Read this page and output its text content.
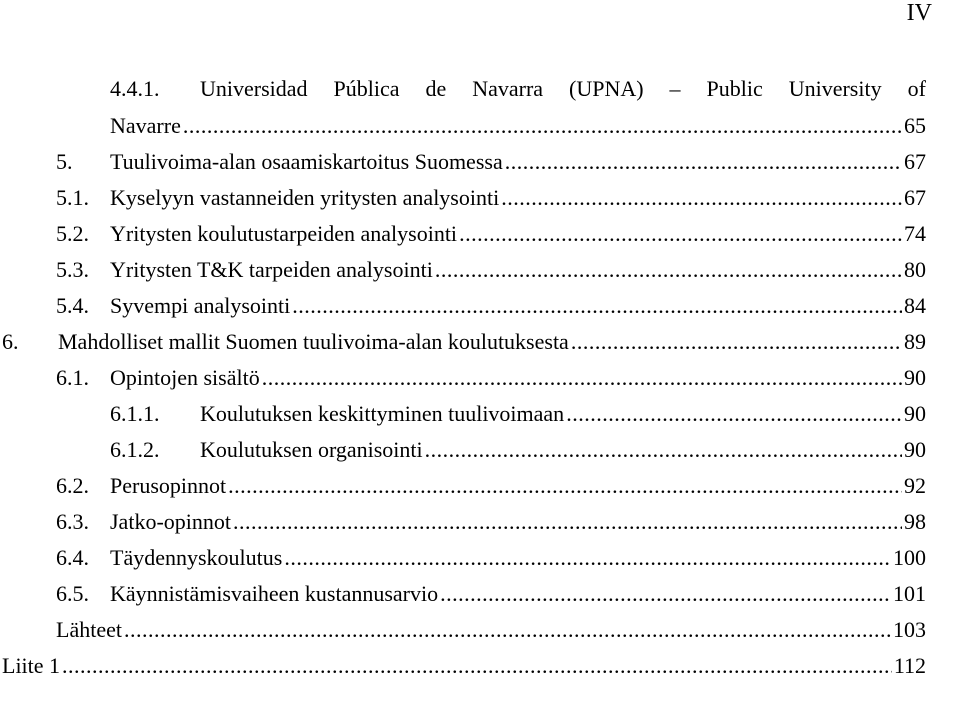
IV
4.4.1.	Universidad Pública de Navarra (UPNA) – Public University of
Navarre .....	65
5.	Tuulivoima-alan osaamiskartoitus Suomessa .....	67
5.1. Kyselyyn vastanneiden yritysten analysointi .....	67
5.2. Yritysten koulutustarpeiden analysointi .....	74
5.3. Yritysten T&K tarpeiden analysointi .....	80
5.4. Syvempi analysointi .....	84
6.	Mahdolliset mallit Suomen tuulivoima-alan koulutuksesta .....	89
6.1. Opintojen sisältö .....	90
6.1.1.	Koulutuksen keskittyminen tuulivoimaan .....	90
6.1.2.	Koulutuksen organisointi .....	90
6.2. Perusopinnot .....	92
6.3. Jatko-opinnot .....	98
6.4. Täydennyskoulutus .....	100
6.5. Käynnistämisvaiheen kustannusarvio .....	101
Lähteet .....	103
Liite 1 .....	112
